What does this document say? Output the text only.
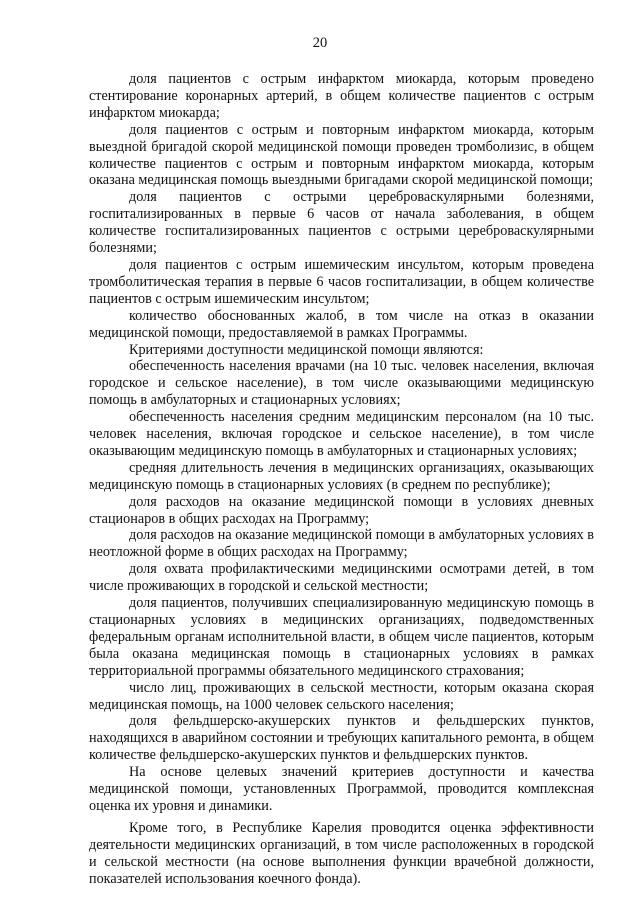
20

доля пациентов с острым инфарктом миокарда, которым проведено стентирование коронарных артерий, в общем количестве пациентов с острым инфарктом миокарда;

доля пациентов с острым и повторным инфарктом миокарда, которым выездной бригадой скорой медицинской помощи проведен тромболизис, в общем количестве пациентов с острым и повторным инфарктом миокарда, которым оказана медицинская помощь выездными бригадами скорой медицинской помощи;

доля пациентов с острыми цереброваскулярными болезнями, госпитализированных в первые 6 часов от начала заболевания, в общем количестве госпитализированных пациентов с острыми цереброваскулярными болезнями;

доля пациентов с острым ишемическим инсультом, которым проведена тромболитическая терапия в первые 6 часов госпитализации, в общем количестве пациентов с острым ишемическим инсультом;

количество обоснованных жалоб, в том числе на отказ в оказании медицинской помощи, предоставляемой в рамках Программы.

Критериями доступности медицинской помощи являются:

обеспеченность населения врачами (на 10 тыс. человек населения, включая городское и сельское население), в том числе оказывающими медицинскую помощь в амбулаторных и стационарных условиях;

обеспеченность населения средним медицинским персоналом (на 10 тыс. человек населения, включая городское и сельское население), в том числе оказывающим медицинскую помощь в амбулаторных и стационарных условиях;

средняя длительность лечения в медицинских организациях, оказывающих медицинскую помощь в стационарных условиях (в среднем по республике);

доля расходов на оказание медицинской помощи в условиях дневных стационаров в общих расходах на Программу;

доля расходов на оказание медицинской помощи в амбулаторных условиях в неотложной форме в общих расходах на Программу;

доля охвата профилактическими медицинскими осмотрами детей, в том числе проживающих в городской и сельской местности;

доля пациентов, получивших специализированную медицинскую помощь в стационарных условиях в медицинских организациях, подведомственных федеральным органам исполнительной власти, в общем числе пациентов, которым была оказана медицинская помощь в стационарных условиях в рамках территориальной программы обязательного медицинского страхования;

число лиц, проживающих в сельской местности, которым оказана скорая медицинская помощь, на 1000 человек сельского населения;

доля фельдшерско-акушерских пунктов и фельдшерских пунктов, находящихся в аварийном состоянии и требующих капитального ремонта, в общем количестве фельдшерско-акушерских пунктов и фельдшерских пунктов.

На основе целевых значений критериев доступности и качества медицинской помощи, установленных Программой, проводится комплексная оценка их уровня и динамики.

Кроме того, в Республике Карелия проводится оценка эффективности деятельности медицинских организаций, в том числе расположенных в городской и сельской местности (на основе выполнения функции врачебной должности, показателей использования коечного фонда).
